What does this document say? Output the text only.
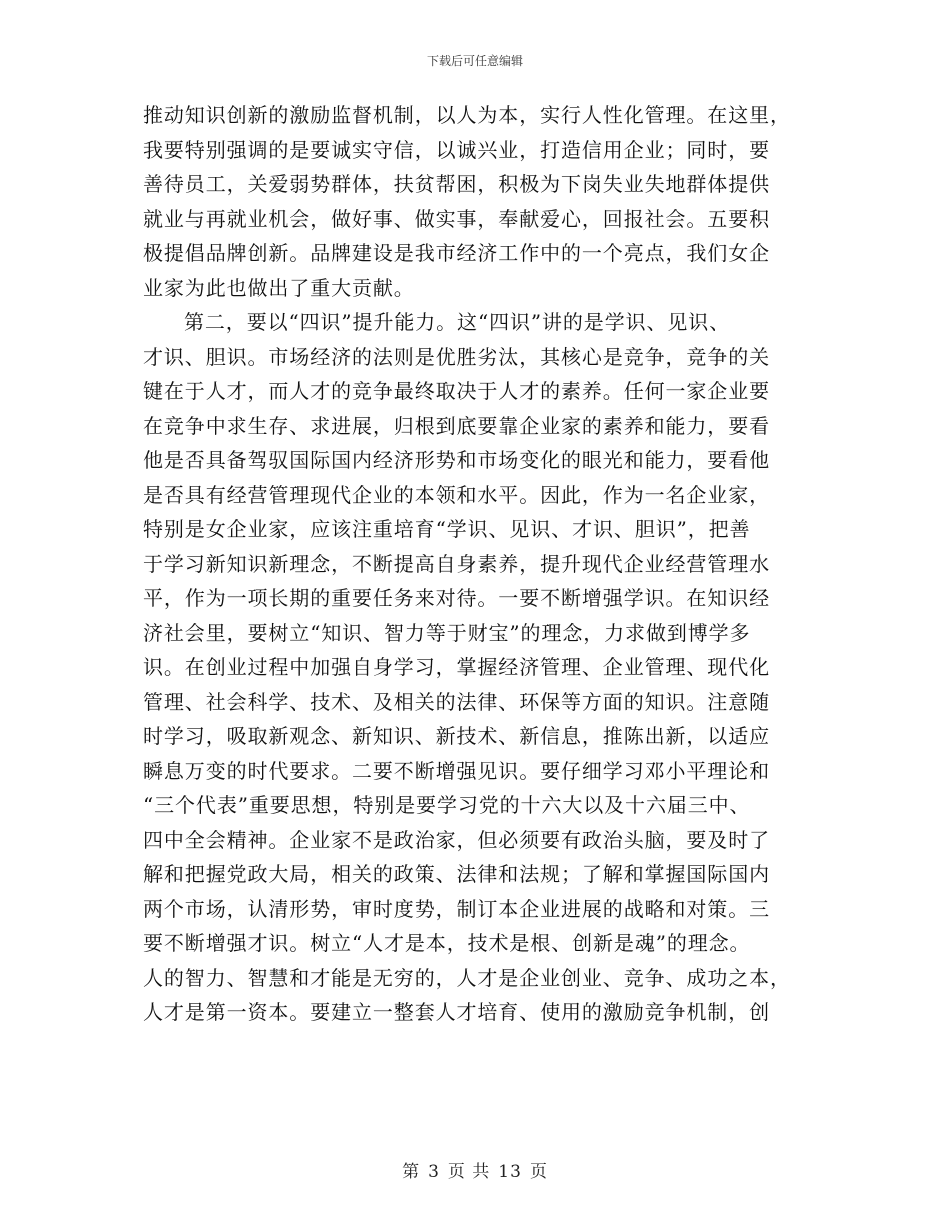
下载后可任意编辑
推动知识创新的激励监督机制，以人为本，实行人性化管理。在这里，
我要特别强调的是要诚实守信，以诚兴业，打造信用企业；同时，要
善待员工，关爱弱势群体，扶贫帮困，积极为下岗失业失地群体提供
就业与再就业机会，做好事、做实事，奉献爱心，回报社会。五要积
极提倡品牌创新。品牌建设是我市经济工作中的一个亮点，我们女企
业家为此也做出了重大贡献。
第二，要以“四识”提升能力。这“四识”讲的是学识、见识、
才识、胆识。市场经济的法则是优胜劣汰，其核心是竞争，竞争的关
键在于人才，而人才的竞争最终取决于人才的素养。任何一家企业要
在竞争中求生存、求进展，归根到底要靠企业家的素养和能力，要看
他是否具备驾驭国际国内经济形势和市场变化的眼光和能力，要看他
是否具有经营管理现代企业的本领和水平。因此，作为一名企业家，
特别是女企业家，应该注重培育“学识、见识、才识、胆识”，把善
于学习新知识新理念，不断提高自身素养，提升现代企业经营管理水
平，作为一项长期的重要任务来对待。一要不断增强学识。在知识经
济社会里，要树立“知识、智力等于财宝”的理念，力求做到博学多
识。在创业过程中加强自身学习，掌握经济管理、企业管理、现代化
管理、社会科学、技术、及相关的法律、环保等方面的知识。注意随
时学习，吸取新观念、新知识、新技术、新信息，推陈出新，以适应
瞬息万变的时代要求。二要不断增强见识。要仔细学习邓小平理论和
“三个代表”重要思想，特别是要学习党的十六大以及十六届三中、
四中全会精神。企业家不是政治家，但必须要有政治头脑，要及时了
解和把握党政大局，相关的政策、法律和法规；了解和掌握国际国内
两个市场，认清形势，审时度势，制订本企业进展的战略和对策。三
要不断增强才识。树立“人才是本，技术是根、创新是魂”的理念。
人的智力、智慧和才能是无穷的，人才是企业创业、竞争、成功之本，
人才是第一资本。要建立一整套人才培育、使用的激励竞争机制，创
第 3 页 共 13 页
